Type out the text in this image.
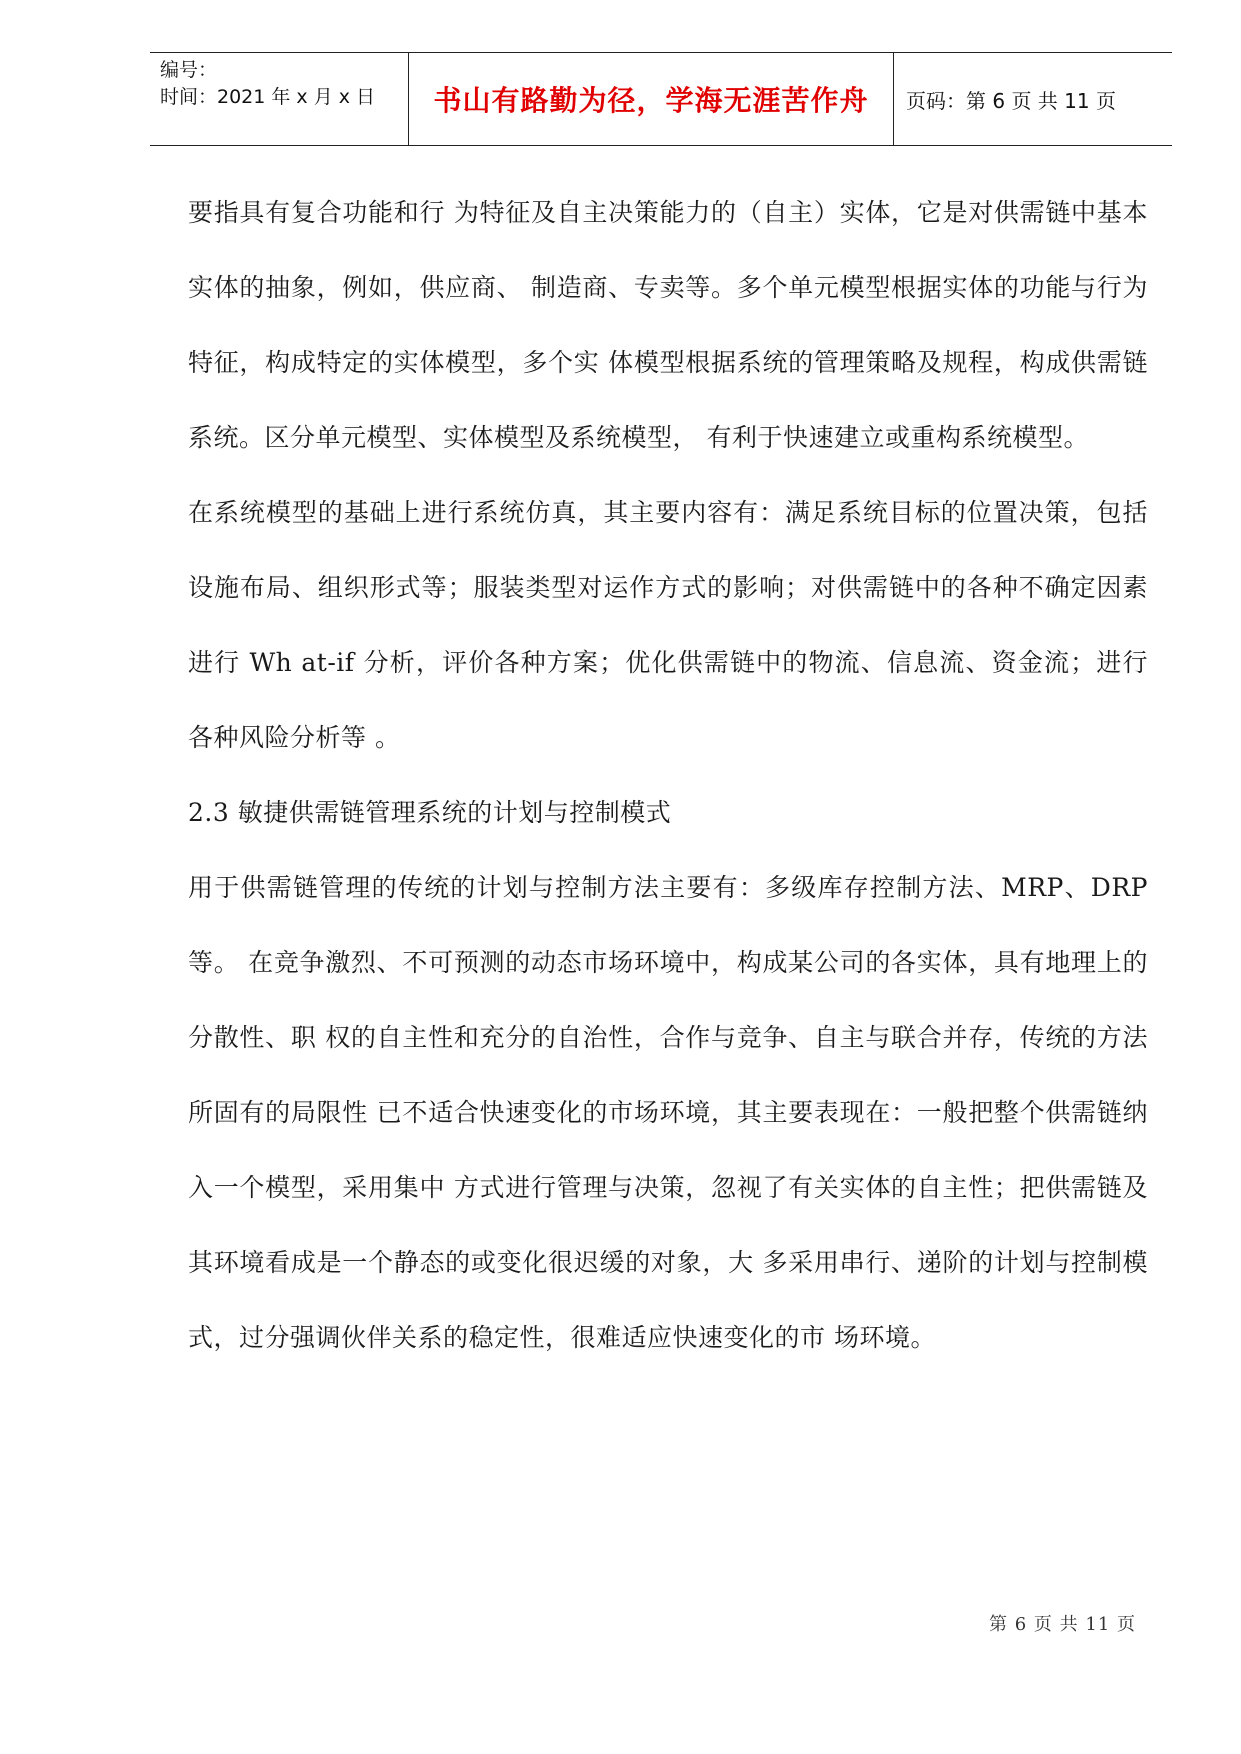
编号：
时间：2021 年 x 月 x 日	书山有路勤为径，学海无涯苦作舟	页码：第 6 页 共 11 页

要指具有复合功能和行 为特征及自主决策能力的（自主）实体，它是对供需链中基本实体的抽象，例如，供应商、 制造商、专卖等。多个单元模型根据实体的功能与行为特征，构成特定的实体模型，多个实 体模型根据系统的管理策略及规程，构成供需链系统。区分单元模型、实体模型及系统模型， 有利于快速建立或重构系统模型。

在系统模型的基础上进行系统仿真，其主要内容有：满足系统目标的位置决策，包括 设施布局、组织形式等；服装类型对运作方式的影响；对供需链中的各种不确定因素进行 Wh at-if 分析，评价各种方案；优化供需链中的物流、信息流、资金流；进行各种风险分析等 。

2.3 敏捷供需链管理系统的计划与控制模式

用于供需链管理的传统的计划与控制方法主要有：多级库存控制方法、MRP、DRP 等。 在竞争激烈、不可预测的动态市场环境中，构成某公司的各实体，具有地理上的分散性、职 权的自主性和充分的自治性，合作与竞争、自主与联合并存，传统的方法所固有的局限性 已不适合快速变化的市场环境，其主要表现在：一般把整个供需链纳入一个模型，采用集中 方式进行管理与决策，忽视了有关实体的自主性；把供需链及其环境看成是一个静态的或变化很迟缓的对象，大 多采用串行、递阶的计划与控制模式，过分强调伙伴关系的稳定性，很难适应快速变化的市 场环境。

第 6 页 共 11 页
